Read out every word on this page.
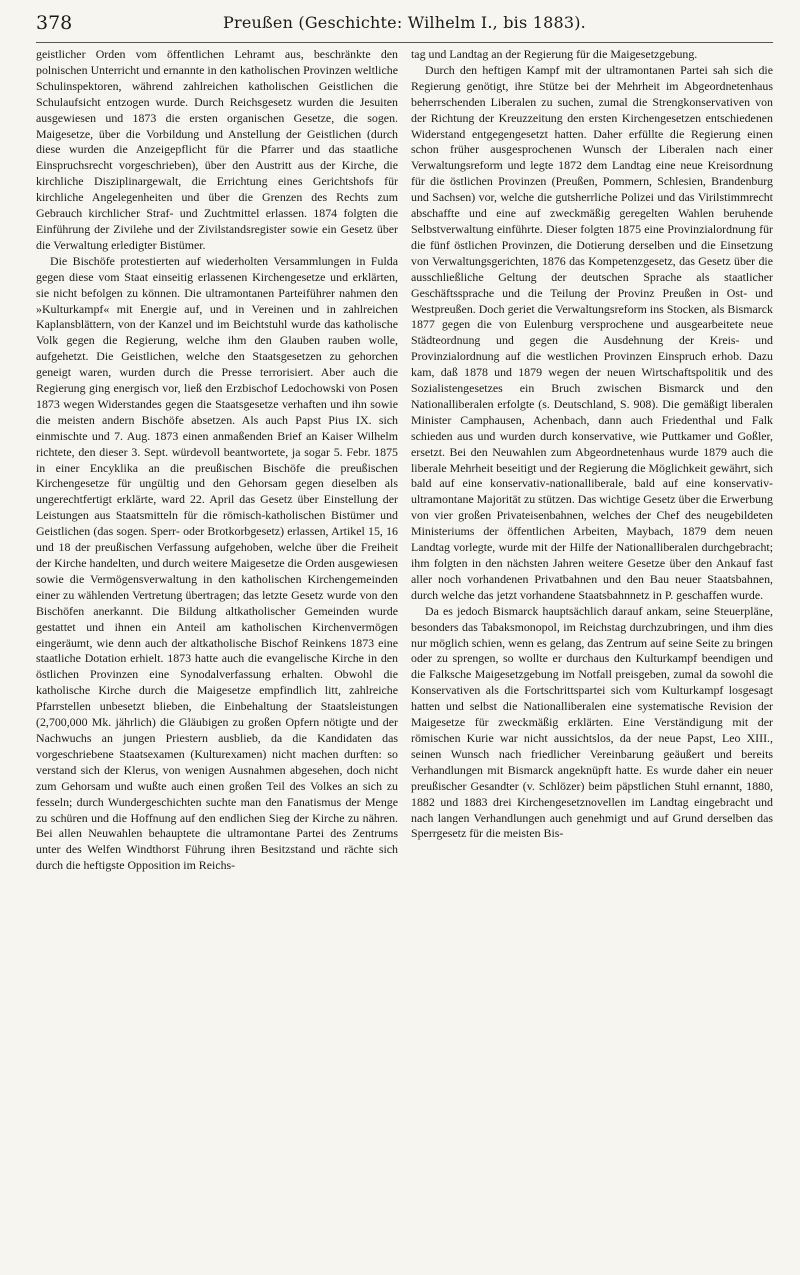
378	Preußen (Geschichte: Wilhelm I., bis 1883).

geistlicher Orden vom öffentlichen Lehramt aus, beschränkte den polnischen Unterricht und ernannte in den katholischen Provinzen weltliche Schulinspektoren, während zahlreichen katholischen Geistlichen die Schulaufsicht entzogen wurde. Durch Reichsgesetz wurden die Jesuiten ausgewiesen und 1873 die ersten organischen Gesetze, die sogen. Maigesetze, über die Vorbildung und Anstellung der Geistlichen (durch diese wurden die Anzeigepflicht für die Pfarrer und das staatliche Einspruchsrecht vorgeschrieben), über den Austritt aus der Kirche, die kirchliche Disziplinargewalt, die Errichtung eines Gerichtshofs für kirchliche Angelegenheiten und über die Grenzen des Rechts zum Gebrauch kirchlicher Straf- und Zuchtmittel erlassen. 1874 folgten die Einführung der Zivilehe und der Zivilstandsregister sowie ein Gesetz über die Verwaltung erledigter Bistümer.

Die Bischöfe protestierten auf wiederholten Versammlungen in Fulda gegen diese vom Staat einseitig erlassenen Kirchengesetze und erklärten, sie nicht befolgen zu können. Die ultramontanen Parteiführer nahmen den »Kulturkampf« mit Energie auf, und in Vereinen und in zahlreichen Kaplansblättern, von der Kanzel und im Beichtstuhl wurde das katholische Volk gegen die Regierung, welche ihm den Glauben rauben wolle, aufgehetzt. Die Geistlichen, welche den Staatsgesetzen zu gehorchen geneigt waren, wurden durch die Presse terrorisiert. Aber auch die Regierung ging energisch vor, ließ den Erzbischof Ledochowski von Posen 1873 wegen Widerstandes gegen die Staatsgesetze verhaften und ihn sowie die meisten andern Bischöfe absetzen. Als auch Papst Pius IX. sich einmischte und 7. Aug. 1873 einen anmaßenden Brief an Kaiser Wilhelm richtete, den dieser 3. Sept. würdevoll beantwortete, ja sogar 5. Febr. 1875 in einer Encyklika an die preußischen Bischöfe die preußischen Kirchengesetze für ungültig und den Gehorsam gegen dieselben als ungerechtfertigt erklärte, ward 22. April das Gesetz über Einstellung der Leistungen aus Staatsmitteln für die römisch-katholischen Bistümer und Geistlichen (das sogen. Sperr- oder Brotkorbgesetz) erlassen, Artikel 15, 16 und 18 der preußischen Verfassung aufgehoben, welche über die Freiheit der Kirche handelten, und durch weitere Maigesetze die Orden ausgewiesen sowie die Vermögensverwaltung in den katholischen Kirchengemeinden einer zu wählenden Vertretung übertragen; das letzte Gesetz wurde von den Bischöfen anerkannt. Die Bildung altkatholischer Gemeinden wurde gestattet und ihnen ein Anteil am katholischen Kirchenvermögen eingeräumt, wie denn auch der altkatholische Bischof Reinkens 1873 eine staatliche Dotation erhielt. 1873 hatte auch die evangelische Kirche in den östlichen Provinzen eine Synodalverfassung erhalten. Obwohl die katholische Kirche durch die Maigesetze empfindlich litt, zahlreiche Pfarrstellen unbesetzt blieben, die Einbehaltung der Staatsleistungen (2,700,000 Mk. jährlich) die Gläubigen zu großen Opfern nötigte und der Nachwuchs an jungen Priestern ausblieb, da die Kandidaten das vorgeschriebene Staatsexamen (Kulturexamen) nicht machen durften: so verstand sich der Klerus, von wenigen Ausnahmen abgesehen, doch nicht zum Gehorsam und wußte auch einen großen Teil des Volkes an sich zu fesseln; durch Wundergeschichten suchte man den Fanatismus der Menge zu schüren und die Hoffnung auf den endlichen Sieg der Kirche zu nähren. Bei allen Neuwahlen behauptete die ultramontane Partei des Zentrums unter des Welfen Windthorst Führung ihren Besitzstand und rächte sich durch die heftigste Opposition im Reichs-

tag und Landtag an der Regierung für die Maigesetzgebung.

Durch den heftigen Kampf mit der ultramontanen Partei sah sich die Regierung genötigt, ihre Stütze bei der Mehrheit im Abgeordnetenhaus beherrschenden Liberalen zu suchen, zumal die Strengkonservativen von der Richtung der Kreuzzeitung den ersten Kirchengesetzen entschiedenen Widerstand entgegengesetzt hatten. Daher erfüllte die Regierung einen schon früher ausgesprochenen Wunsch der Liberalen nach einer Verwaltungsreform und legte 1872 dem Landtag eine neue Kreisordnung für die östlichen Provinzen (Preußen, Pommern, Schlesien, Brandenburg und Sachsen) vor, welche die gutsherrliche Polizei und das Virilstimmrecht abschaffte und eine auf zweckmäßig geregelten Wahlen beruhende Selbstverwaltung einführte. Dieser folgten 1875 eine Provinzialordnung für die fünf östlichen Provinzen, die Dotierung derselben und die Einsetzung von Verwaltungsgerichten, 1876 das Kompetenzgesetz, das Gesetz über die ausschließliche Geltung der deutschen Sprache als staatlicher Geschäftssprache und die Teilung der Provinz Preußen in Ost- und Westpreußen. Doch geriet die Verwaltungsreform ins Stocken, als Bismarck 1877 gegen die von Eulenburg versprochene und ausgearbeitete neue Städteordnung und gegen die Ausdehnung der Kreis- und Provinzialordnung auf die westlichen Provinzen Einspruch erhob. Dazu kam, daß 1878 und 1879 wegen der neuen Wirtschaftspolitik und des Sozialistengesetzes ein Bruch zwischen Bismarck und den Nationalliberalen erfolgte (s. Deutschland, S. 908). Die gemäßigt liberalen Minister Camphausen, Achenbach, dann auch Friedenthal und Falk schieden aus und wurden durch konservative, wie Puttkamer und Goßler, ersetzt. Bei den Neuwahlen zum Abgeordnetenhaus wurde 1879 auch die liberale Mehrheit beseitigt und der Regierung die Möglichkeit gewährt, sich bald auf eine konservativ-nationalliberale, bald auf eine konservativ-ultramontane Majorität zu stützen. Das wichtige Gesetz über die Erwerbung von vier großen Privateisenbahnen, welches der Chef des neugebildeten Ministeriums der öffentlichen Arbeiten, Maybach, 1879 dem neuen Landtag vorlegte, wurde mit der Hilfe der Nationalliberalen durchgebracht; ihm folgten in den nächsten Jahren weitere Gesetze über den Ankauf fast aller noch vorhandenen Privatbahnen und den Bau neuer Staatsbahnen, durch welche das jetzt vorhandene Staatsbahnnetz in P. geschaffen wurde.

Da es jedoch Bismarck hauptsächlich darauf ankam, seine Steuerpläne, besonders das Tabaksmonopol, im Reichstag durchzubringen, und ihm dies nur möglich schien, wenn es gelang, das Zentrum auf seine Seite zu bringen oder zu sprengen, so wollte er durchaus den Kulturkampf beendigen und die Falksche Maigesetzgebung im Notfall preisgeben, zumal da sowohl die Konservativen als die Fortschrittspartei sich vom Kulturkampf losgesagt hatten und selbst die Nationalliberalen eine systematische Revision der Maigesetze für zweckmäßig erklärten. Eine Verständigung mit der römischen Kurie war nicht aussichtslos, da der neue Papst, Leo XIII., seinen Wunsch nach friedlicher Vereinbarung geäußert und bereits Verhandlungen mit Bismarck angeknüpft hatte. Es wurde daher ein neuer preußischer Gesandter (v. Schlözer) beim päpstlichen Stuhl ernannt, 1880, 1882 und 1883 drei Kirchengesetznovellen im Landtag eingebracht und nach langen Verhandlungen auch genehmigt und auf Grund derselben das Sperrgesetz für die meisten Bis-
